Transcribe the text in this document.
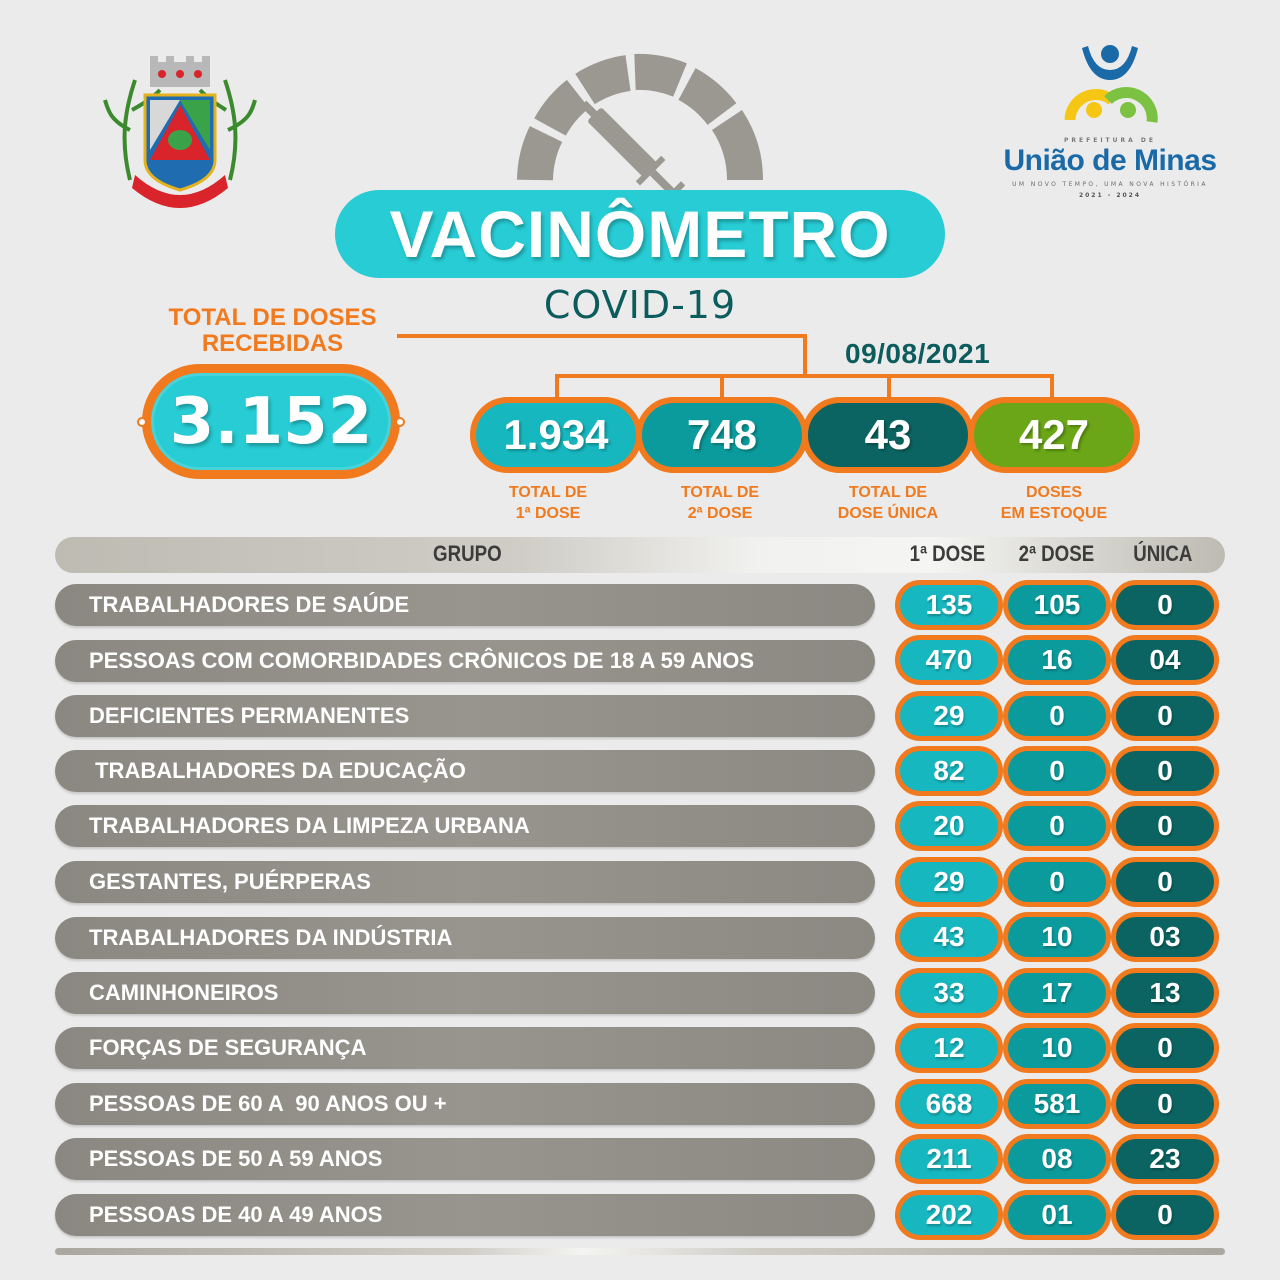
PREFEITURA DE
União de Minas
UM NOVO TEMPO, UMA NOVA HISTÓRIA
2021 - 2024
VACINÔMETRO
COVID-19
TOTAL DE DOSES
RECEBIDAS
3.152
09/08/2021
1.934 748	43	427
TOTAL DE
1ª DOSE
TOTAL DE
2ª DOSE
TOTAL DE
DOSE ÚNICA
DOSES
EM ESTOQUE
GRUPO	1ª DOSE 2ª DOSE ÚNICA
TRABALHADORES DE SAÚDE	135 105	0
PESSOAS COM COMORBIDADES CRÔNICOS DE 18 A 59 ANOS	470 16	04
DEFICIENTES PERMANENTES	29	0	0
TRABALHADORES DA EDUCAÇÃO	82	0	0
TRABALHADORES DA LIMPEZA URBANA	20	0	0
GESTANTES, PUÉRPERAS	29	0	0
TRABALHADORES DA INDÚSTRIA	43	10	03
CAMINHONEIROS	33	17	13
FORÇAS DE SEGURANÇA	12	10	0
PESSOAS DE 60 A  90 ANOS OU +	668 581	0
PESSOAS DE 50 A 59 ANOS	211 08	23
PESSOAS DE 40 A 49 ANOS	202 01	0
